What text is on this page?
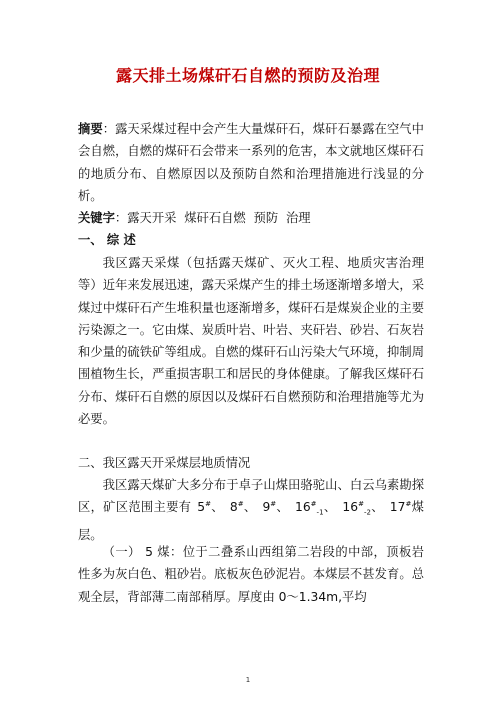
露天排土场煤矸石自燃的预防及治理
摘要：露天采煤过程中会产生大量煤矸石，煤矸石暴露在空气中会自燃，自燃的煤矸石会带来一系列的危害，本文就地区煤矸石的地质分布、自燃原因以及预防自然和治理措施进行浅显的分析。
关键字：露天开采  煤矸石自燃  预防  治理
一、 综 述
我区露天采煤（包括露天煤矿、灭火工程、地质灾害治理等）近年来发展迅速，露天采煤产生的排土场逐渐增多增大，采煤过中煤矸石产生堆积量也逐渐增多，煤矸石是煤炭企业的主要污染源之一。它由煤、炭质叶岩、叶岩、夹矸岩、砂岩、石灰岩和少量的硫铁矿等组成。自燃的煤矸石山污染大气环境，抑制周围植物生长，严重损害职工和居民的身体健康。了解我区煤矸石分布、煤矸石自燃的原因以及煤矸石自燃预防和治理措施等尤为必要。
二、我区露天开采煤层地质情况
我区露天煤矿大多分布于卓子山煤田骆驼山、白云乌素勘探区，矿区范围主要有 5#、 8#、 9#、 $16^{\#}_{-1}$、 $16^{\#}_{-2}$、 17#煤层。
（一） 5 煤：位于二叠系山西组第二岩段的中部，顶板岩性多为灰白色、粗砂岩。底板灰色砂泥岩。本煤层不甚发育。总观全层，背部薄二南部稍厚。厚度由 0～1.34m,平均
1
